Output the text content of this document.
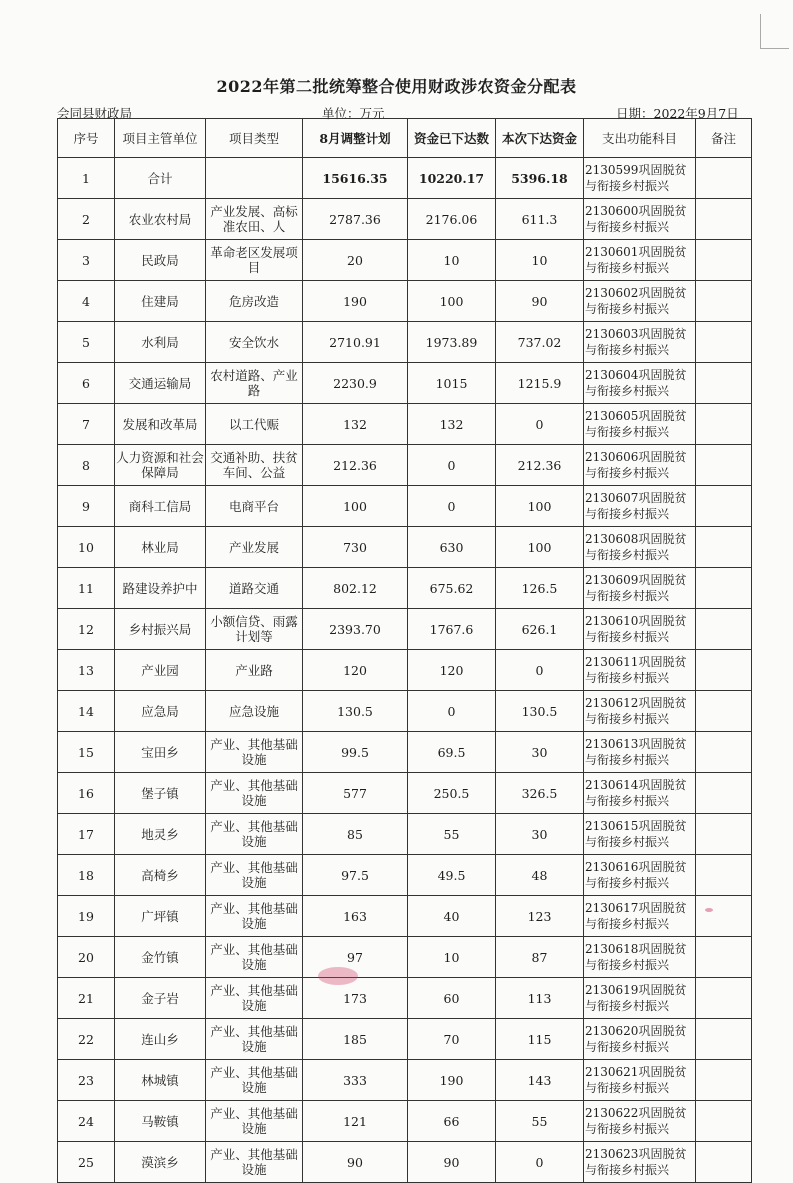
2022年第二批统筹整合使用财政涉农资金分配表
会同县财政局	单位：万元	日期：2022年9月7日
序号	项目主管单位	项目类型	8月调整计划	资金已下达数	本次下达资金	支出功能科目	备注
1	合计		15616.35	10220.17	5396.18	2130599巩固脱贫与衔接乡村振兴	
2	农业农村局	产业发展、高标准农田、人	2787.36	2176.06	611.3	2130600巩固脱贫与衔接乡村振兴	
3	民政局	革命老区发展项目	20	10	10	2130601巩固脱贫与衔接乡村振兴	
4	住建局	危房改造	190	100	90	2130602巩固脱贫与衔接乡村振兴	
5	水利局	安全饮水	2710.91	1973.89	737.02	2130603巩固脱贫与衔接乡村振兴	
6	交通运输局	农村道路、产业路	2230.9	1015	1215.9	2130604巩固脱贫与衔接乡村振兴	
7	发展和改革局	以工代赈	132	132	0	2130605巩固脱贫与衔接乡村振兴	
8	人力资源和社会保障局	交通补助、扶贫车间、公益	212.36	0	212.36	2130606巩固脱贫与衔接乡村振兴	
9	商科工信局	电商平台	100	0	100	2130607巩固脱贫与衔接乡村振兴	
10	林业局	产业发展	730	630	100	2130608巩固脱贫与衔接乡村振兴	
11	路建设养护中	道路交通	802.12	675.62	126.5	2130609巩固脱贫与衔接乡村振兴	
12	乡村振兴局	小额信贷、雨露计划等	2393.70	1767.6	626.1	2130610巩固脱贫与衔接乡村振兴	
13	产业园	产业路	120	120	0	2130611巩固脱贫与衔接乡村振兴	
14	应急局	应急设施	130.5	0	130.5	2130612巩固脱贫与衔接乡村振兴	
15	宝田乡	产业、其他基础设施	99.5	69.5	30	2130613巩固脱贫与衔接乡村振兴	
16	堡子镇	产业、其他基础设施	577	250.5	326.5	2130614巩固脱贫与衔接乡村振兴	
17	地灵乡	产业、其他基础设施	85	55	30	2130615巩固脱贫与衔接乡村振兴	
18	高椅乡	产业、其他基础设施	97.5	49.5	48	2130616巩固脱贫与衔接乡村振兴	
19	广坪镇	产业、其他基础设施	163	40	123	2130617巩固脱贫与衔接乡村振兴	
20	金竹镇	产业、其他基础设施	97	10	87	2130618巩固脱贫与衔接乡村振兴	
21	金子岩	产业、其他基础设施	173	60	113	2130619巩固脱贫与衔接乡村振兴	
22	连山乡	产业、其他基础设施	185	70	115	2130620巩固脱贫与衔接乡村振兴	
23	林城镇	产业、其他基础设施	333	190	143	2130621巩固脱贫与衔接乡村振兴	
24	马鞍镇	产业、其他基础设施	121	66	55	2130622巩固脱贫与衔接乡村振兴	
25	漠滨乡	产业、其他基础设施	90	90	0	2130623巩固脱贫与衔接乡村振兴	
